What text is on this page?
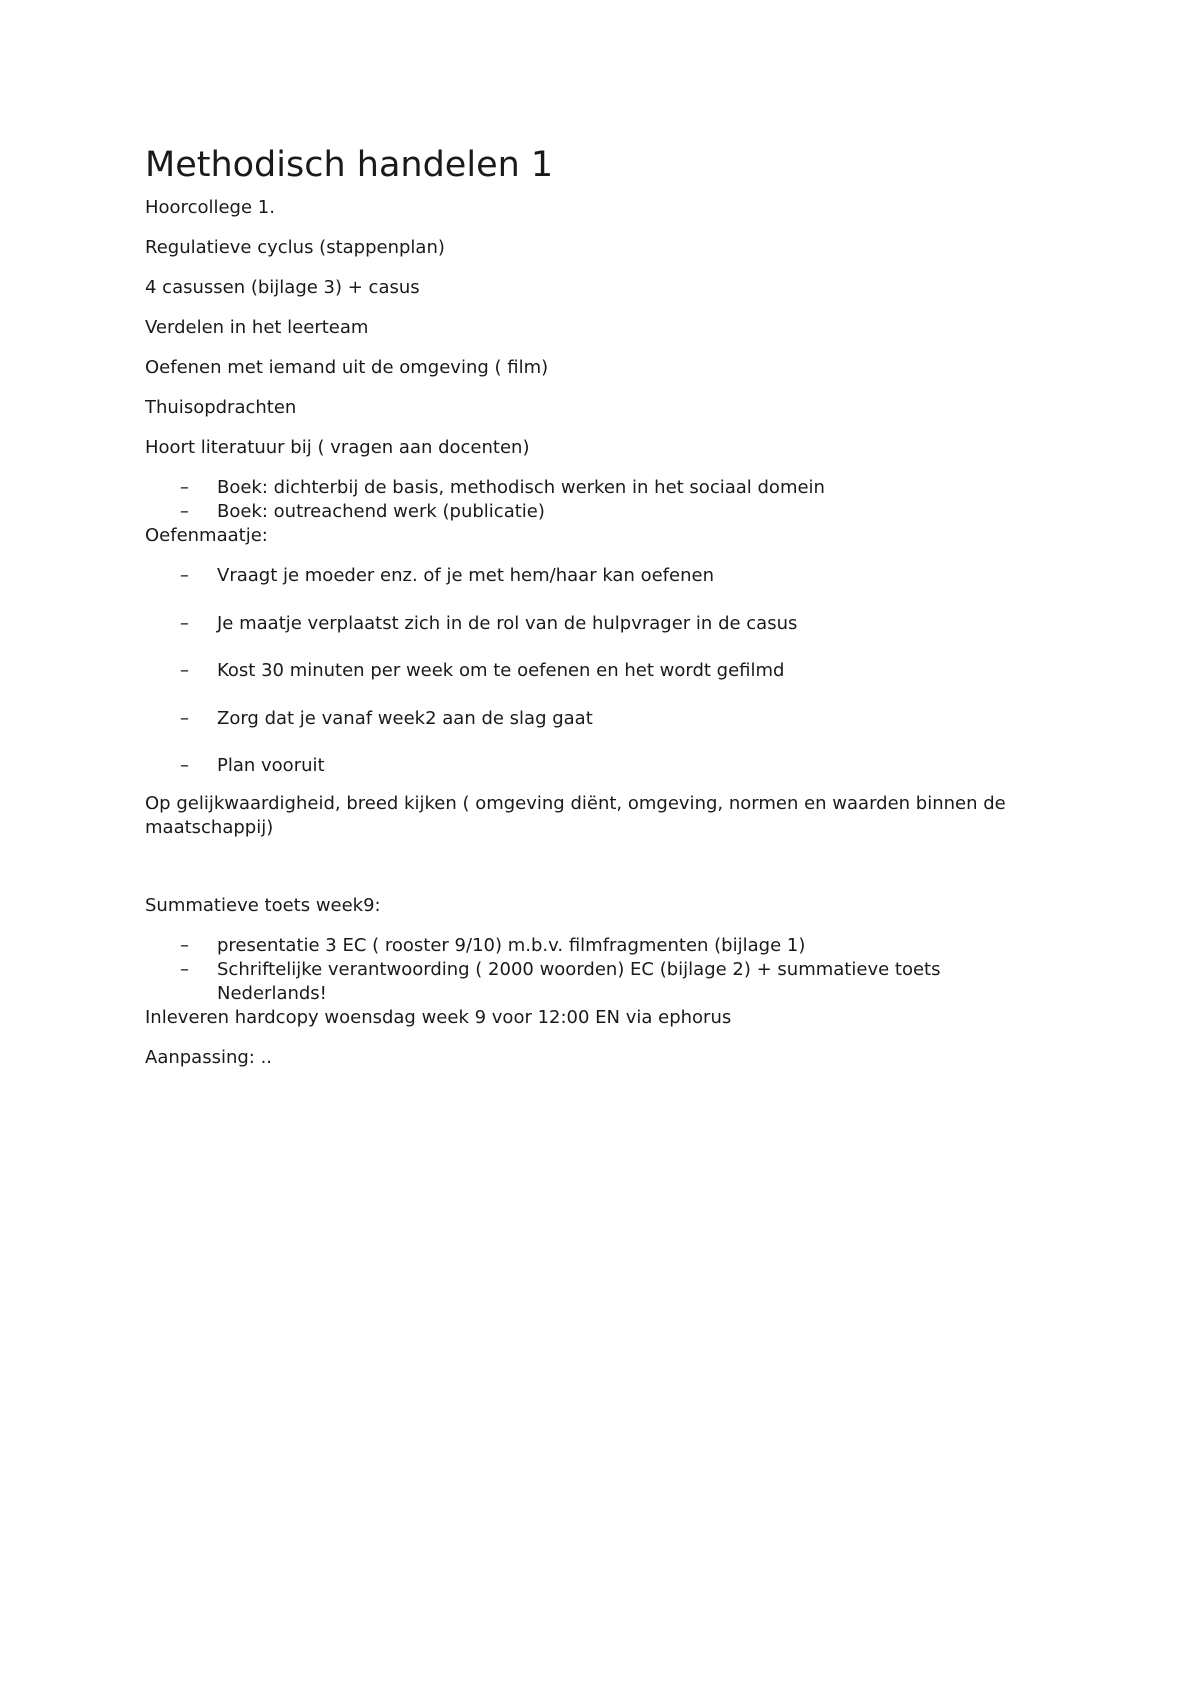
Methodisch handelen 1

Hoorcollege 1.

Regulatieve cyclus (stappenplan)

4 casussen (bijlage 3) + casus

Verdelen in het leerteam

Oefenen met iemand uit de omgeving ( film)

Thuisopdrachten

Hoort literatuur bij ( vragen aan docenten)

– Boek: dichterbij de basis, methodisch werken in het sociaal domein
– Boek: outreachend werk (publicatie)

Oefenmaatje:

– Vraagt je moeder enz. of je met hem/haar kan oefenen
– Je maatje verplaatst zich in de rol van de hulpvrager in de casus
– Kost 30 minuten per week om te oefenen en het wordt gefilmd
– Zorg dat je vanaf week2 aan de slag gaat
– Plan vooruit

Op gelijkwaardigheid, breed kijken ( omgeving diënt, omgeving, normen en waarden binnen de maatschappij)

Summatieve toets week9:

– presentatie 3 EC ( rooster 9/10) m.b.v. filmfragmenten (bijlage 1)
– Schriftelijke verantwoording ( 2000 woorden) EC (bijlage 2) + summatieve toets Nederlands!

Inleveren hardcopy woensdag week 9 voor 12:00 EN via ephorus

Aanpassing: ..
